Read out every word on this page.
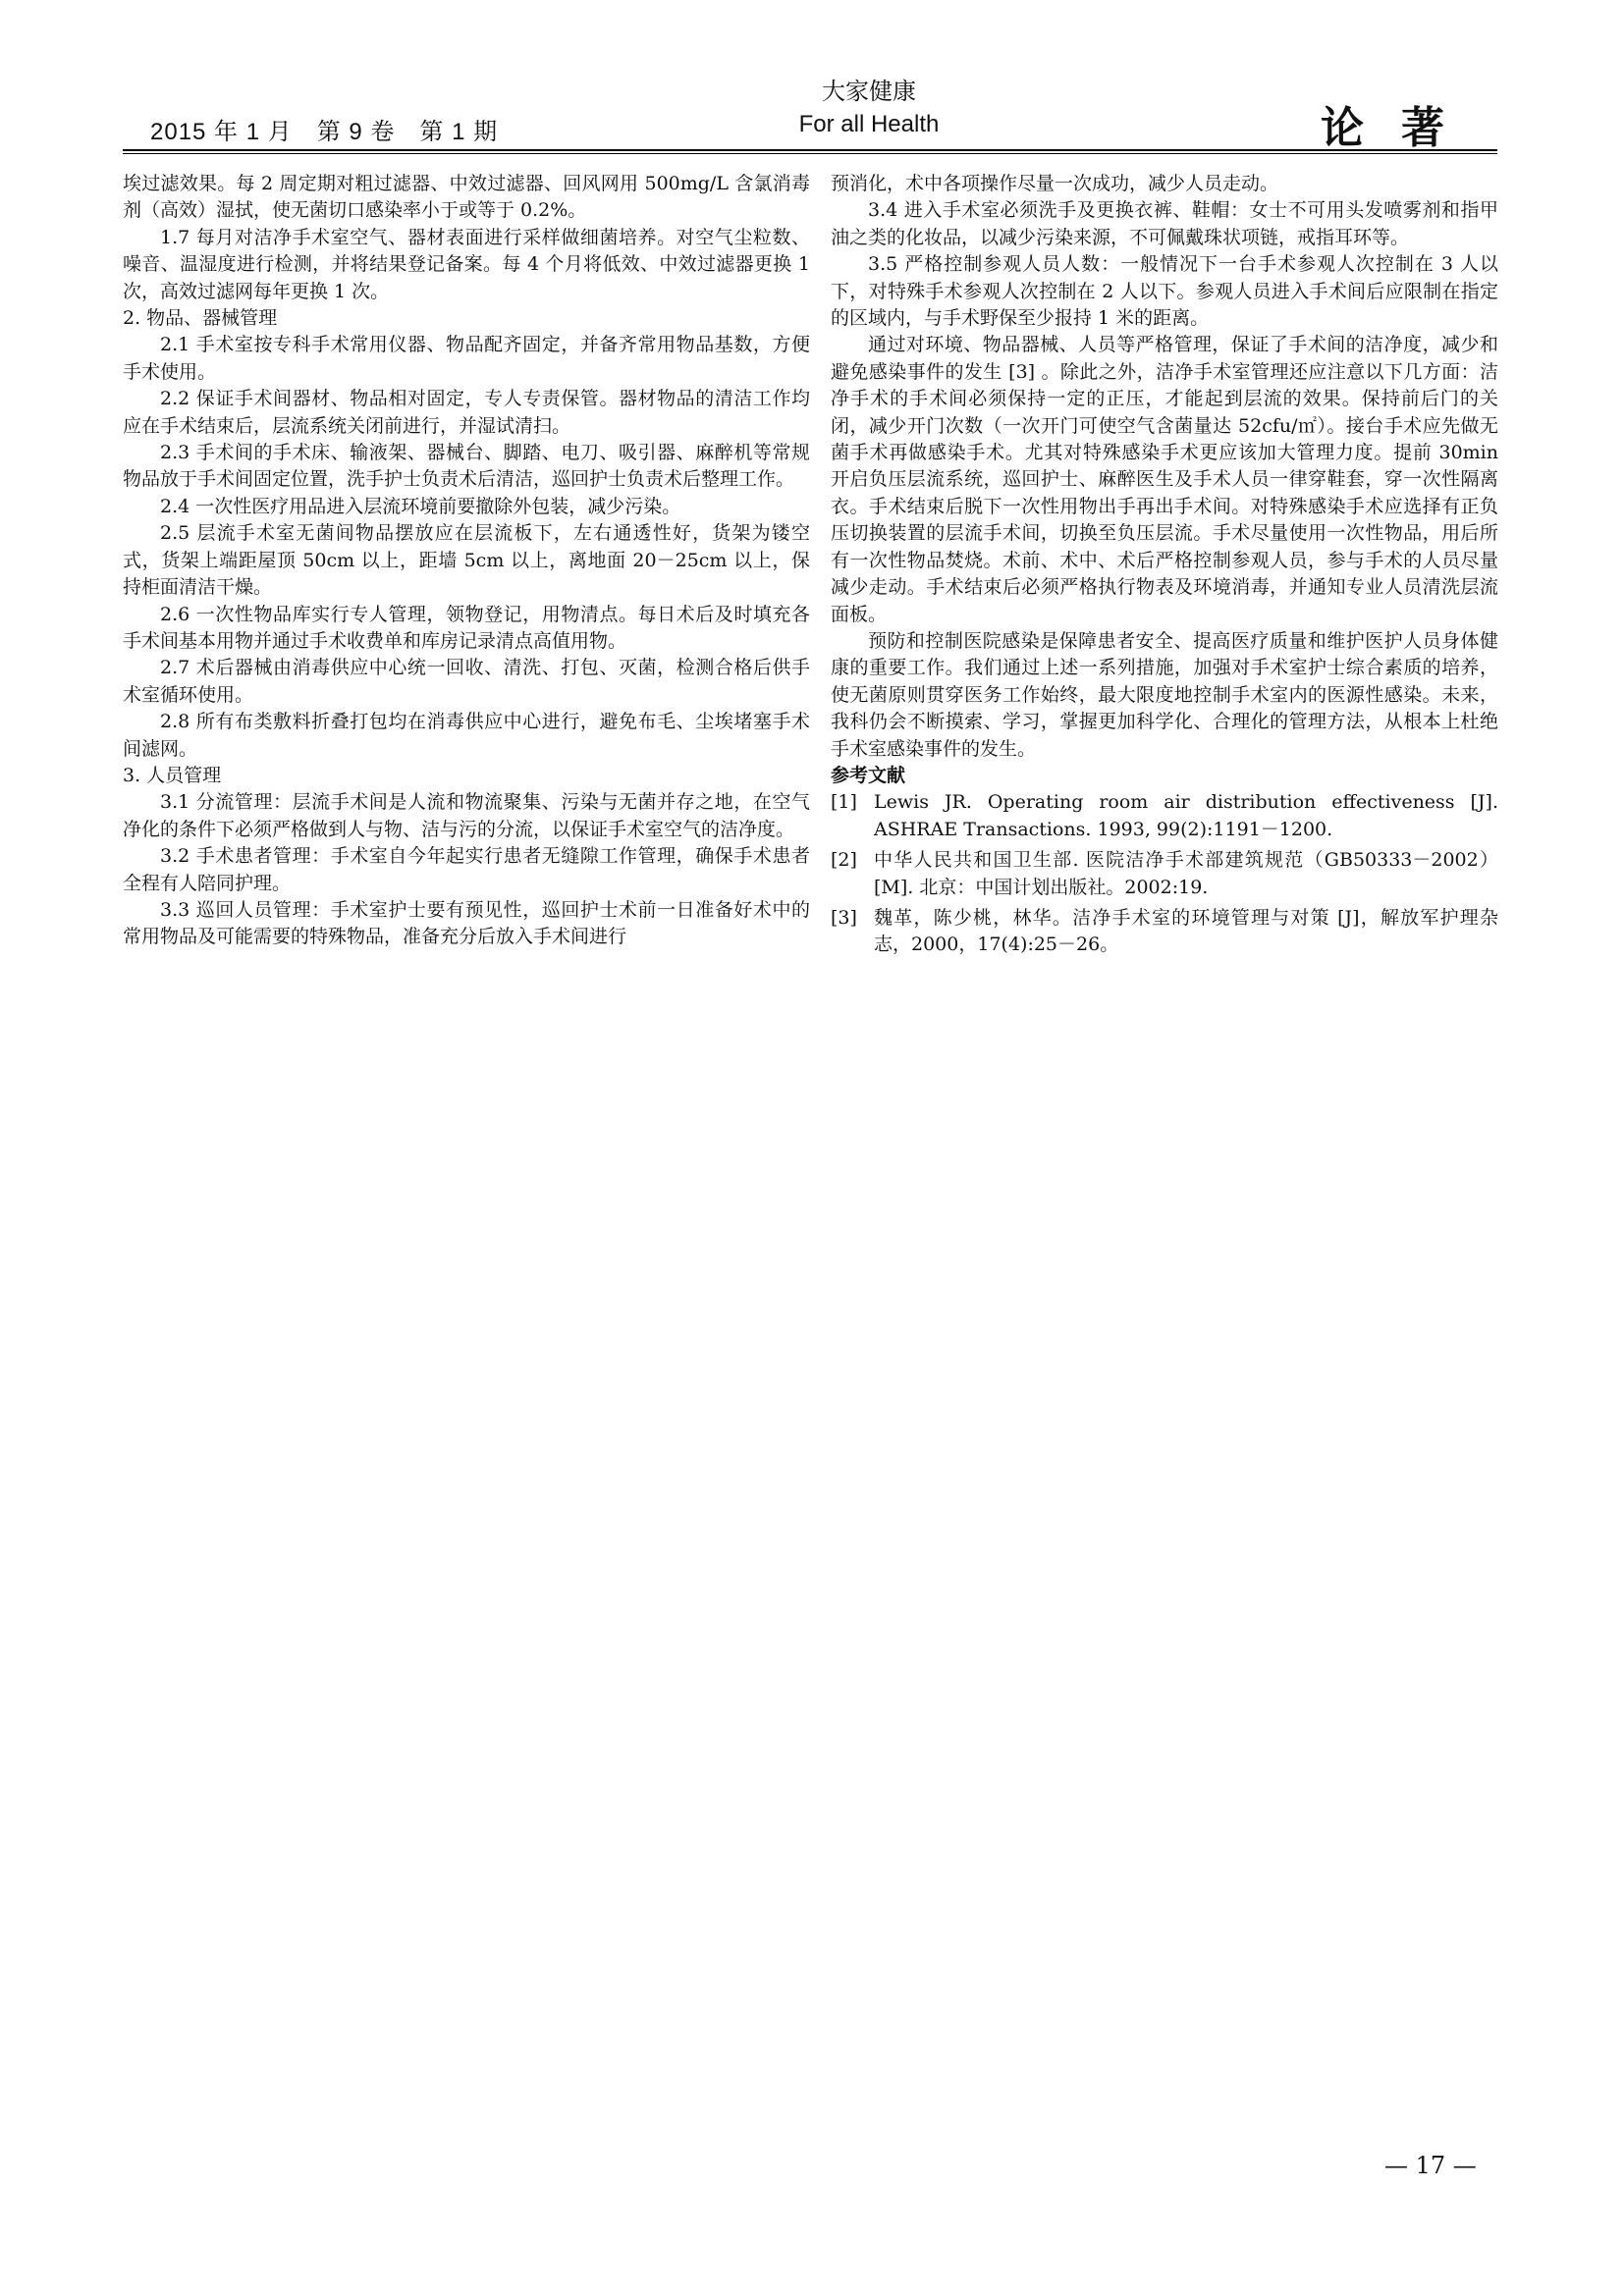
2015 年 1 月　第 9 卷　第 1 期
大家健康
For all Health	论著

埃过滤效果。每 2 周定期对粗过滤器、中效过滤器、回风网用 500mg/L 含氯消毒剂（高效）湿拭，使无菌切口感染率小于或等于 0.2%。

1.7 每月对洁净手术室空气、器材表面进行采样做细菌培养。对空气尘粒数、噪音、温湿度进行检测，并将结果登记备案。每 4 个月将低效、中效过滤器更换 1 次，高效过滤网每年更换 1 次。

2. 物品、器械管理

2.1 手术室按专科手术常用仪器、物品配齐固定，并备齐常用物品基数，方便手术使用。

2.2 保证手术间器材、物品相对固定，专人专责保管。器材物品的清洁工作均应在手术结束后，层流系统关闭前进行，并湿试清扫。

2.3 手术间的手术床、输液架、器械台、脚踏、电刀、吸引器、麻醉机等常规物品放于手术间固定位置，洗手护士负责术后清洁，巡回护士负责术后整理工作。

2.4 一次性医疗用品进入层流环境前要撤除外包装，减少污染。

2.5 层流手术室无菌间物品摆放应在层流板下，左右通透性好，货架为镂空式，货架上端距屋顶 50cm 以上，距墙 5cm 以上，离地面 20－25cm 以上，保持柜面清洁干燥。

2.6 一次性物品库实行专人管理，领物登记，用物清点。每日术后及时填充各手术间基本用物并通过手术收费单和库房记录清点高值用物。

2.7 术后器械由消毒供应中心统一回收、清洗、打包、灭菌，检测合格后供手术室循环使用。

2.8 所有布类敷料折叠打包均在消毒供应中心进行，避免布毛、尘埃堵塞手术间滤网。

3. 人员管理

3.1 分流管理：层流手术间是人流和物流聚集、污染与无菌并存之地，在空气净化的条件下必须严格做到人与物、洁与污的分流，以保证手术室空气的洁净度。

3.2 手术患者管理：手术室自今年起实行患者无缝隙工作管理，确保手术患者全程有人陪同护理。

3.3 巡回人员管理：手术室护士要有预见性，巡回护士术前一日准备好术中的常用物品及可能需要的特殊物品，准备充分后放入手术间进行

预消化，术中各项操作尽量一次成功，减少人员走动。

3.4 进入手术室必须洗手及更换衣裤、鞋帽：女士不可用头发喷雾剂和指甲油之类的化妆品，以减少污染来源，不可佩戴珠状项链，戒指耳环等。

3.5 严格控制参观人员人数：一般情况下一台手术参观人次控制在 3 人以下，对特殊手术参观人次控制在 2 人以下。参观人员进入手术间后应限制在指定的区域内，与手术野保至少报持 1 米的距离。

通过对环境、物品器械、人员等严格管理，保证了手术间的洁净度，减少和避免感染事件的发生 [3] 。除此之外，洁净手术室管理还应注意以下几方面：洁净手术的手术间必须保持一定的正压，才能起到层流的效果。保持前后门的关闭，减少开门次数（一次开门可使空气含菌量达 52cfu/㎡）。接台手术应先做无菌手术再做感染手术。尤其对特殊感染手术更应该加大管理力度。提前 30min 开启负压层流系统，巡回护士、麻醉医生及手术人员一律穿鞋套，穿一次性隔离衣。手术结束后脱下一次性用物出手再出手术间。对特殊感染手术应选择有正负压切换装置的层流手术间，切换至负压层流。手术尽量使用一次性物品，用后所有一次性物品焚烧。术前、术中、术后严格控制参观人员，参与手术的人员尽量减少走动。手术结束后必须严格执行物表及环境消毒，并通知专业人员清洗层流面板。

预防和控制医院感染是保障患者安全、提高医疗质量和维护医护人员身体健康的重要工作。我们通过上述一系列措施，加强对手术室护士综合素质的培养，使无菌原则贯穿医务工作始终，最大限度地控制手术室内的医源性感染。未来，我科仍会不断摸索、学习，掌握更加科学化、合理化的管理方法，从根本上杜绝手术室感染事件的发生。

参考文献

[1] Lewis JR. Operating room air distribution effectiveness [J]. ASHRAE Transactions. 1993, 99(2):1191－1200.
[2] 中华人民共和国卫生部. 医院洁净手术部建筑规范（GB50333－2002）[M]. 北京：中国计划出版社。2002:19.
[3] 魏革，陈少桃，林华。洁净手术室的环境管理与对策 [J]，解放军护理杂志，2000，17(4):25－26。
— 17 —
